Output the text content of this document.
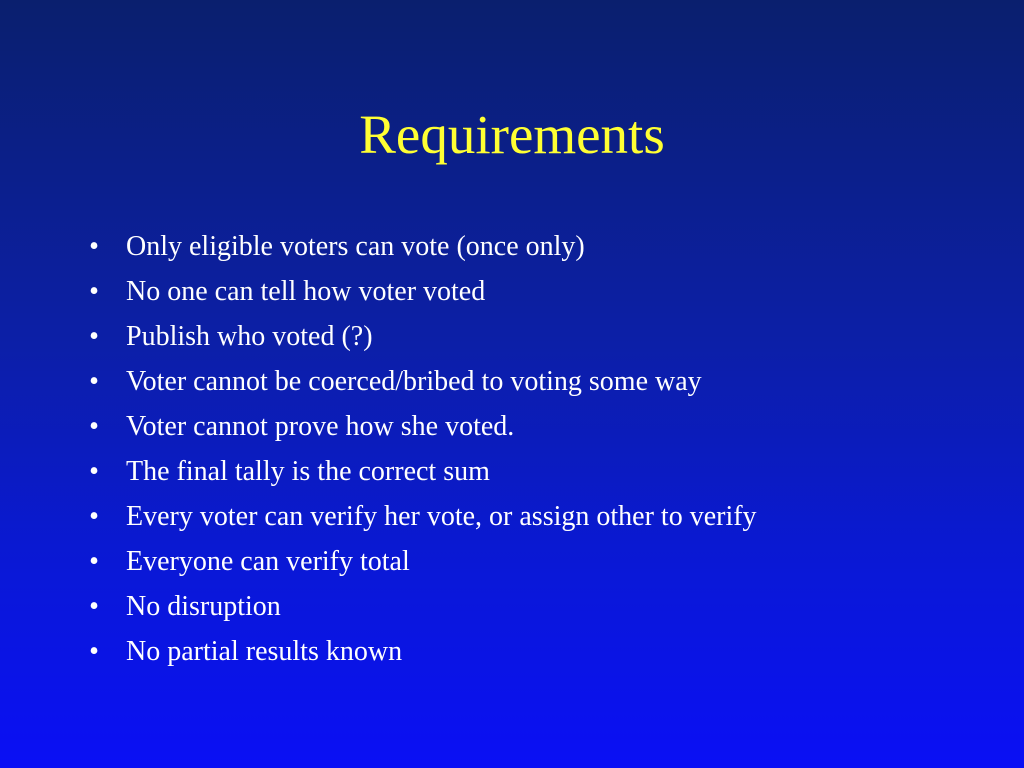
Requirements
• Only eligible voters can vote (once only)
• No one can tell how voter voted
• Publish who voted (?)
• Voter cannot be coerced/bribed to voting some way
• Voter cannot prove how she voted.
• The final tally is the correct sum
• Every voter can verify her vote, or assign other to verify
• Everyone can verify total
• No disruption
• No partial results known
